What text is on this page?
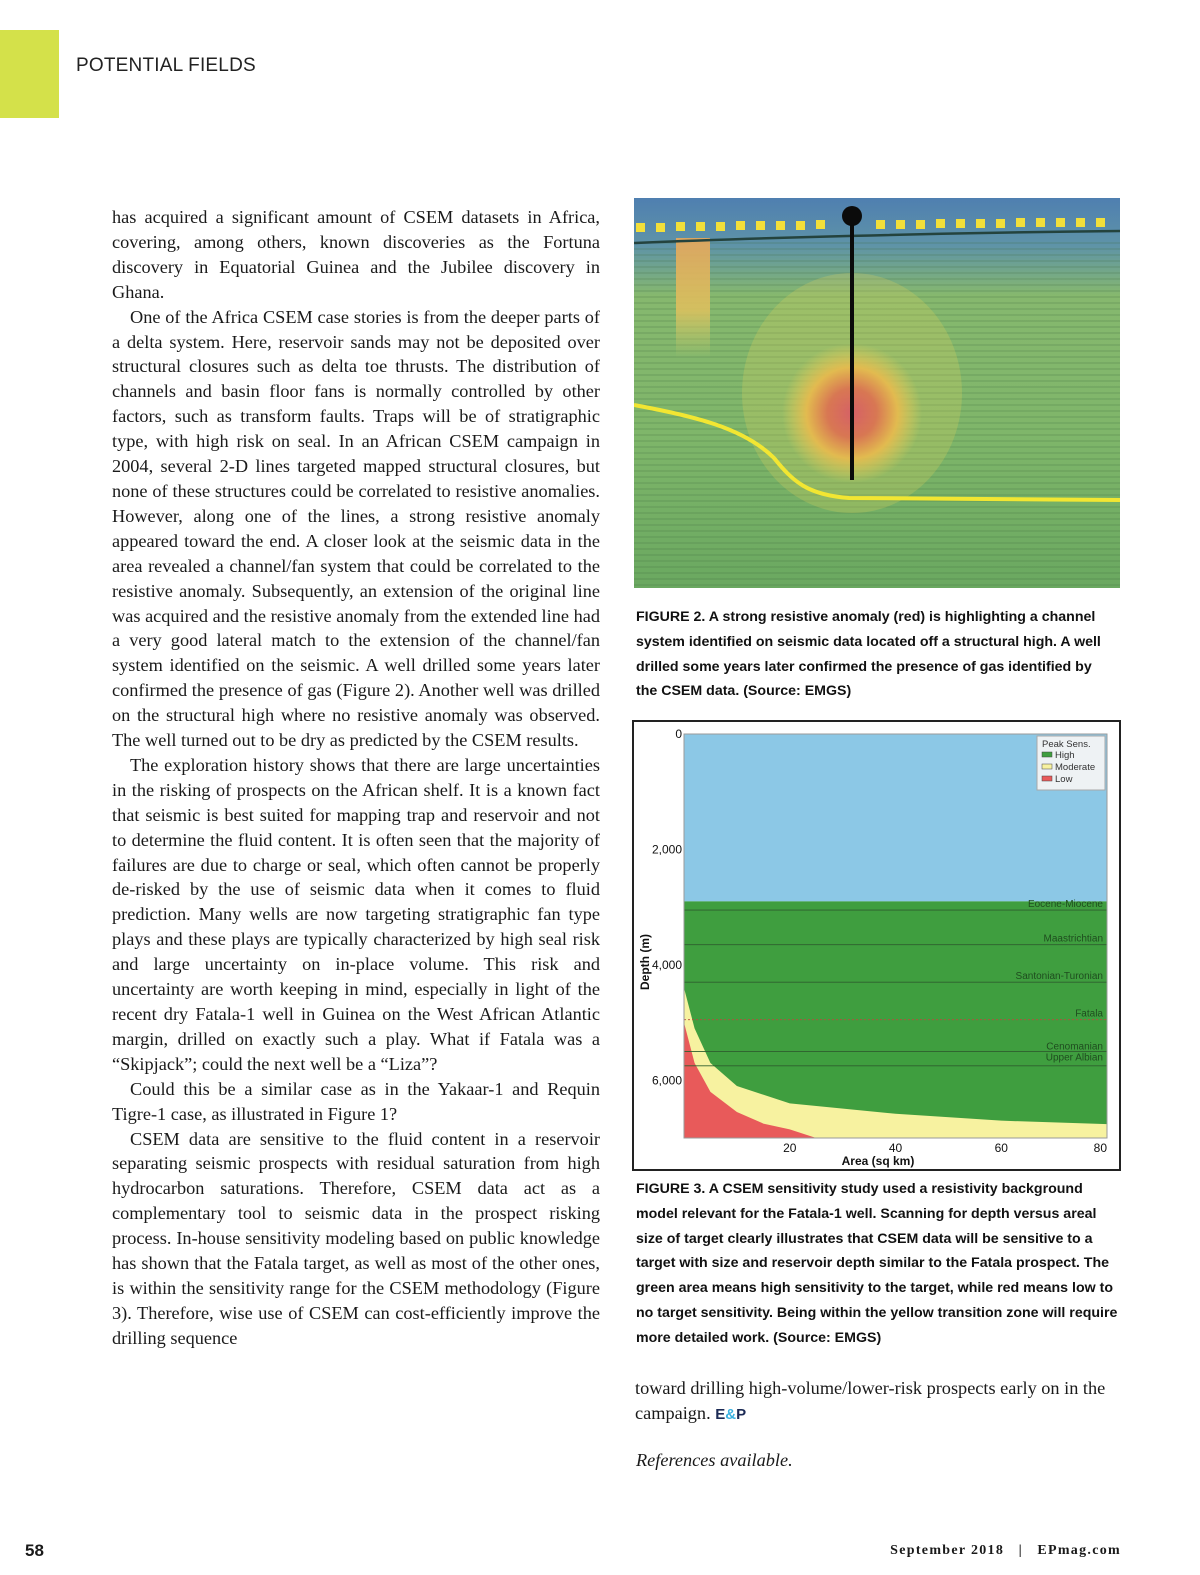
POTENTIAL FIELDS

has acquired a significant amount of CSEM datasets in Africa, covering, among others, known discoveries as the Fortuna discovery in Equatorial Guinea and the Jubilee discovery in Ghana.

One of the Africa CSEM case stories is from the deeper parts of a delta system. Here, reservoir sands may not be deposited over structural closures such as delta toe thrusts. The distribution of channels and basin floor fans is normally controlled by other factors, such as transform faults. Traps will be of stratigraphic type, with high risk on seal. In an African CSEM campaign in 2004, several 2-D lines targeted mapped structural closures, but none of these structures could be correlated to resistive anomalies. However, along one of the lines, a strong resistive anomaly appeared toward the end. A closer look at the seismic data in the area revealed a channel/fan system that could be correlated to the resistive anomaly. Subsequently, an extension of the original line was acquired and the resistive anomaly from the extended line had a very good lateral match to the extension of the channel/fan system identified on the seismic. A well drilled some years later confirmed the presence of gas (Figure 2). Another well was drilled on the structural high where no resistive anomaly was observed. The well turned out to be dry as predicted by the CSEM results.

The exploration history shows that there are large uncertainties in the risking of prospects on the African shelf. It is a known fact that seismic is best suited for mapping trap and reservoir and not to determine the fluid content. It is often seen that the majority of failures are due to charge or seal, which often cannot be properly de-risked by the use of seismic data when it comes to fluid prediction. Many wells are now targeting stratigraphic fan type plays and these plays are typically characterized by high seal risk and large uncertainty on in-place volume. This risk and uncertainty are worth keeping in mind, especially in light of the recent dry Fatala-1 well in Guinea on the West African Atlantic margin, drilled on exactly such a play. What if Fatala was a “Skipjack”; could the next well be a “Liza”?

Could this be a similar case as in the Yakaar-1 and Requin Tigre-1 case, as illustrated in Figure 1?

CSEM data are sensitive to the fluid content in a reservoir separating seismic prospects with residual saturation from high hydrocarbon saturations. Therefore, CSEM data act as a complementary tool to seismic data in the prospect risking process. In-house sensitivity modeling based on public knowledge has shown that the Fatala target, as well as most of the other ones, is within the sensitivity range for the CSEM methodology (Figure 3). Therefore, wise use of CSEM can cost-efficiently improve the drilling sequence

FIGURE 2. A strong resistive anomaly (red) is highlighting a channel system identified on seismic data located off a structural high. A well drilled some years later confirmed the presence of gas identified by the CSEM data. (Source: EMGS)
Eocene-Miocene
Maastrichtian
Santonian-Turonian
Fatala
Cenomanian
Upper Albian
0
2,000
4,000
6,000
20	40	60	80
Area (sq km)
Depth (m)
Peak Sens.
High
Moderate
Low
FIGURE 3. A CSEM sensitivity study used a resistivity background model relevant for the Fatala-1 well. Scanning for depth versus areal size of target clearly illustrates that CSEM data will be sensitive to a target with size and reservoir depth similar to the Fatala prospect. The green area means high sensitivity to the target, while red means low to no target sensitivity. Being within the yellow transition zone will require more detailed work. (Source: EMGS)

toward drilling high-volume/lower-risk prospects early on in the campaign. E&P

References available.
58	September 2018 | EPmag.com
